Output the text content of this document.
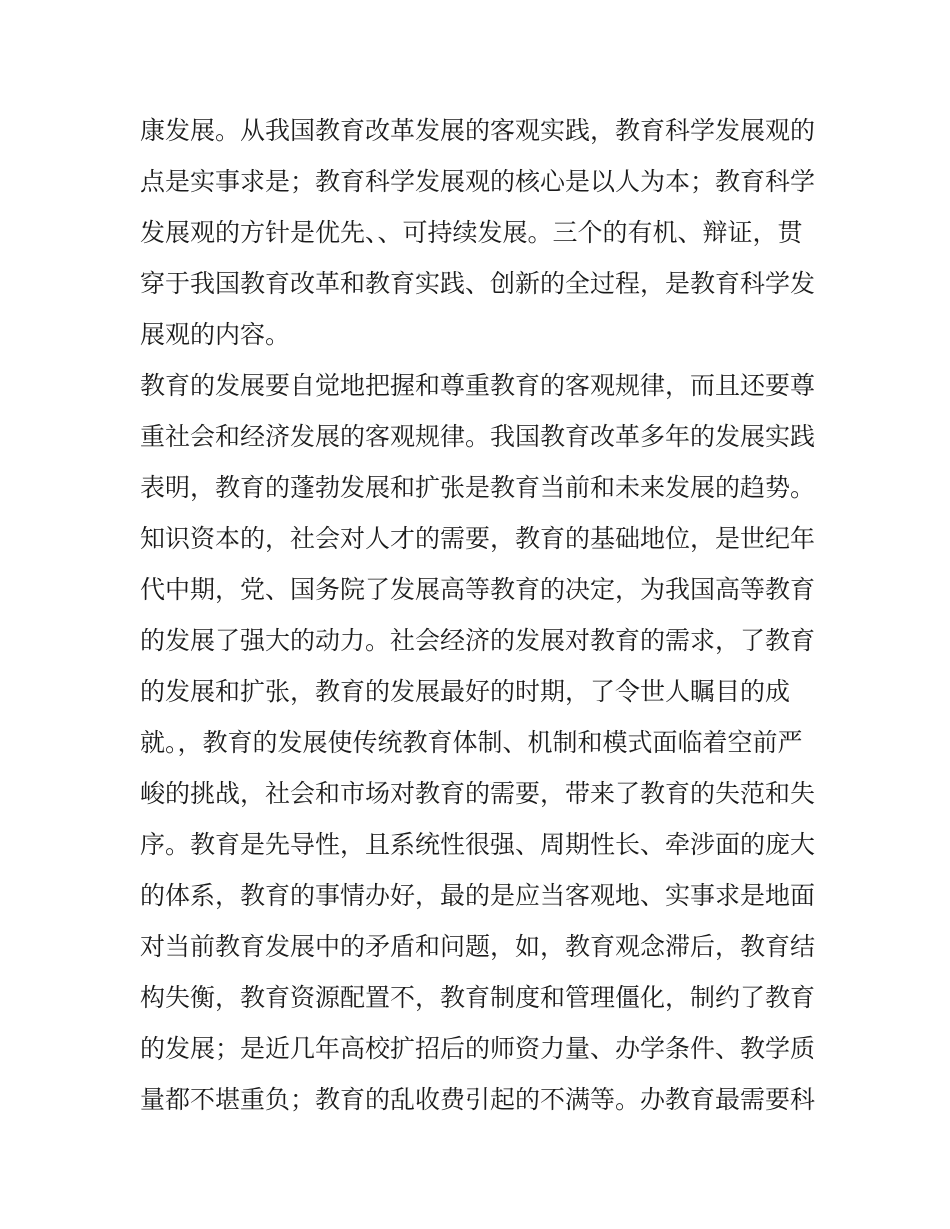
康发展。从我国教育改革发展的客观实践，教育科学发展观的
点是实事求是；教育科学发展观的核心是以人为本；教育科学
发展观的方针是优先、、可持续发展。三个的有机、辩证，贯
穿于我国教育改革和教育实践、创新的全过程，是教育科学发
展观的内容。
教育的发展要自觉地把握和尊重教育的客观规律，而且还要尊
重社会和经济发展的客观规律。我国教育改革多年的发展实践
表明，教育的蓬勃发展和扩张是教育当前和未来发展的趋势。
知识资本的，社会对人才的需要，教育的基础地位，是世纪年
代中期，党、国务院了发展高等教育的决定，为我国高等教育
的发展了强大的动力。社会经济的发展对教育的需求，了教育
的发展和扩张，教育的发展最好的时期，了令世人瞩目的成
就。，教育的发展使传统教育体制、机制和模式面临着空前严
峻的挑战，社会和市场对教育的需要，带来了教育的失范和失
序。教育是先导性，且系统性很强、周期性长、牵涉面的庞大
的体系，教育的事情办好，最的是应当客观地、实事求是地面
对当前教育发展中的矛盾和问题，如，教育观念滞后，教育结
构失衡，教育资源配置不，教育制度和管理僵化，制约了教育
的发展；是近几年高校扩招后的师资力量、办学条件、教学质
量都不堪重负；教育的乱收费引起的不满等。办教育最需要科
